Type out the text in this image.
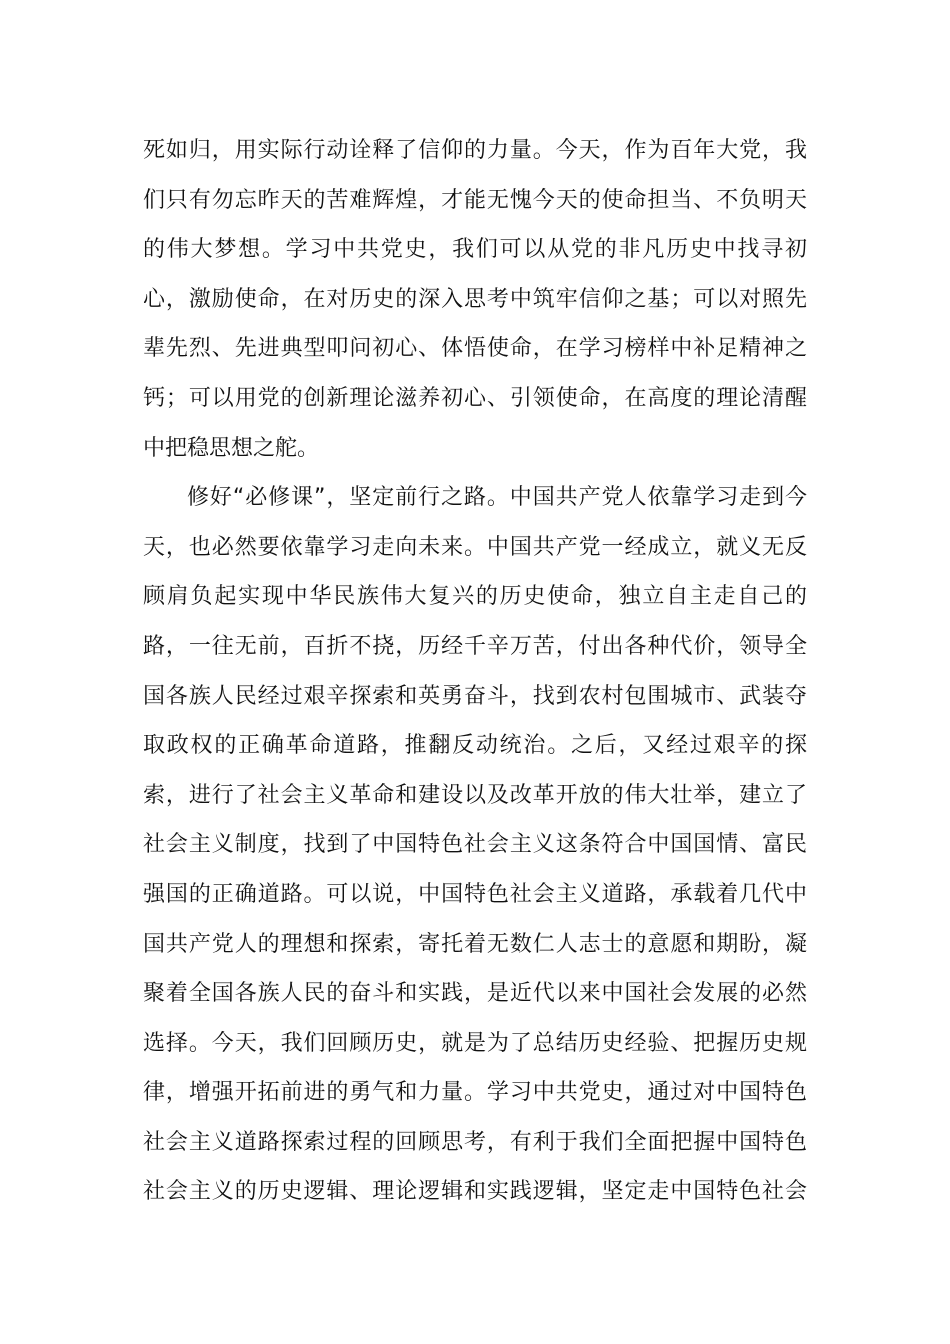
死如归，用实际行动诠释了信仰的力量。今天，作为百年大党，我
们只有勿忘昨天的苦难辉煌，才能无愧今天的使命担当、不负明天
的伟大梦想。学习中共党史，我们可以从党的非凡历史中找寻初
心，激励使命，在对历史的深入思考中筑牢信仰之基；可以对照先
辈先烈、先进典型叩问初心、体悟使命，在学习榜样中补足精神之
钙；可以用党的创新理论滋养初心、引领使命，在高度的理论清醒
中把稳思想之舵。
修好“必修课”，坚定前行之路。中国共产党人依靠学习走到今
天，也必然要依靠学习走向未来。中国共产党一经成立，就义无反
顾肩负起实现中华民族伟大复兴的历史使命，独立自主走自己的
路，一往无前，百折不挠，历经千辛万苦，付出各种代价，领导全
国各族人民经过艰辛探索和英勇奋斗，找到农村包围城市、武装夺
取政权的正确革命道路，推翻反动统治。之后，又经过艰辛的探
索，进行了社会主义革命和建设以及改革开放的伟大壮举，建立了
社会主义制度，找到了中国特色社会主义这条符合中国国情、富民
强国的正确道路。可以说，中国特色社会主义道路，承载着几代中
国共产党人的理想和探索，寄托着无数仁人志士的意愿和期盼，凝
聚着全国各族人民的奋斗和实践，是近代以来中国社会发展的必然
选择。今天，我们回顾历史，就是为了总结历史经验、把握历史规
律，增强开拓前进的勇气和力量。学习中共党史，通过对中国特色
社会主义道路探索过程的回顾思考，有利于我们全面把握中国特色
社会主义的历史逻辑、理论逻辑和实践逻辑，坚定走中国特色社会
